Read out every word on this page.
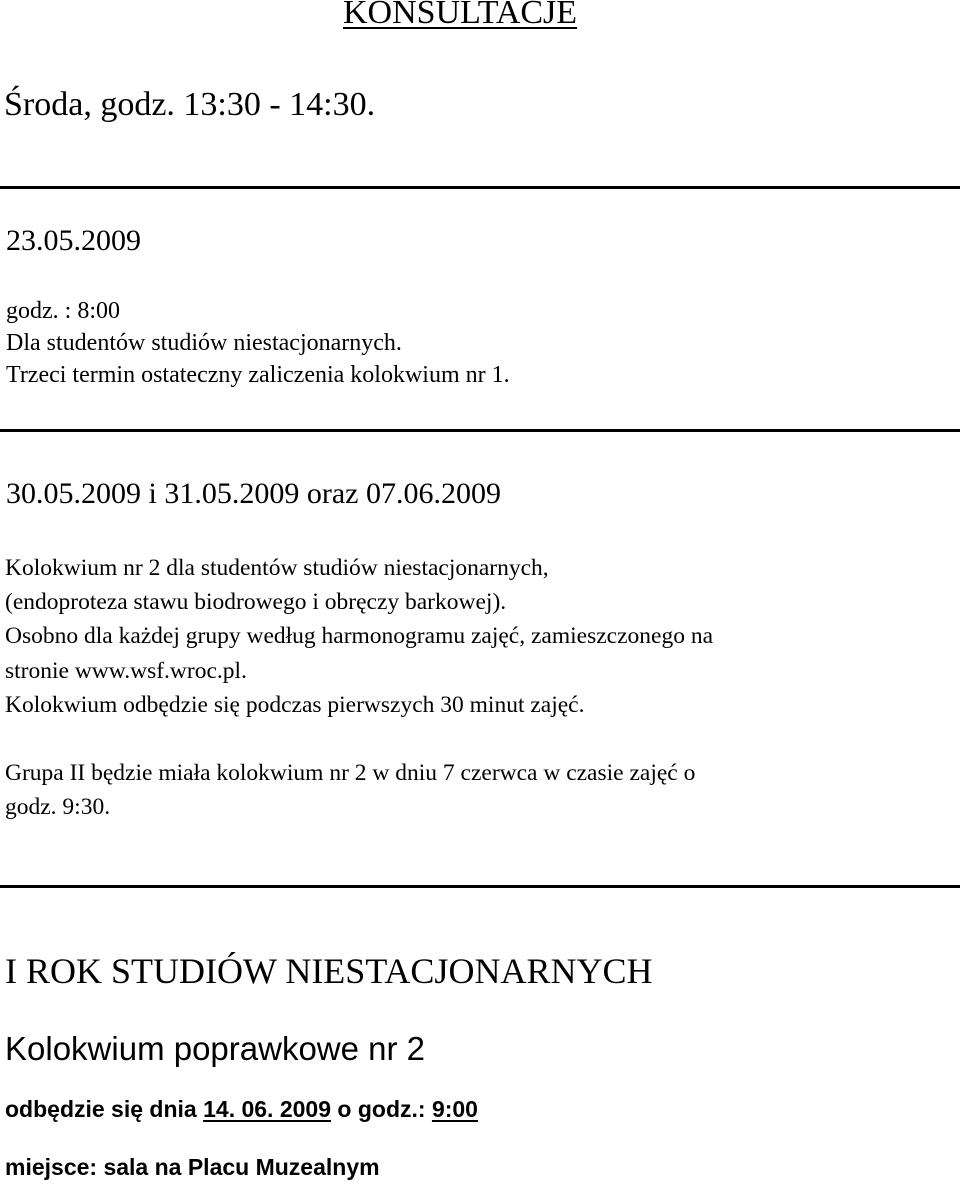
KONSULTACJE

Środa, godz. 13:30 - 14:30.

23.05.2009

godz. : 8:00

Dla studentów studiów niestacjonarnych.

Trzeci termin ostateczny zaliczenia kolokwium nr 1.

30.05.2009 i 31.05.2009 oraz 07.06.2009

Kolokwium nr 2 dla studentów studiów niestacjonarnych,

(endoproteza stawu biodrowego i obręczy barkowej).

Osobno dla każdej grupy według harmonogramu zajęć, zamieszczonego na

stronie www.wsf.wroc.pl.

Kolokwium odbędzie się podczas pierwszych 30 minut zajęć.

Grupa II będzie miała kolokwium nr 2 w dniu 7 czerwca w czasie zajęć o

godz. 9:30.

I ROK STUDIÓW NIESTACJONARNYCH
Kolokwium poprawkowe nr 2

odbędzie się dnia 14. 06. 2009 o godz.: 9:00

miejsce: sala na Placu Muzealnym
